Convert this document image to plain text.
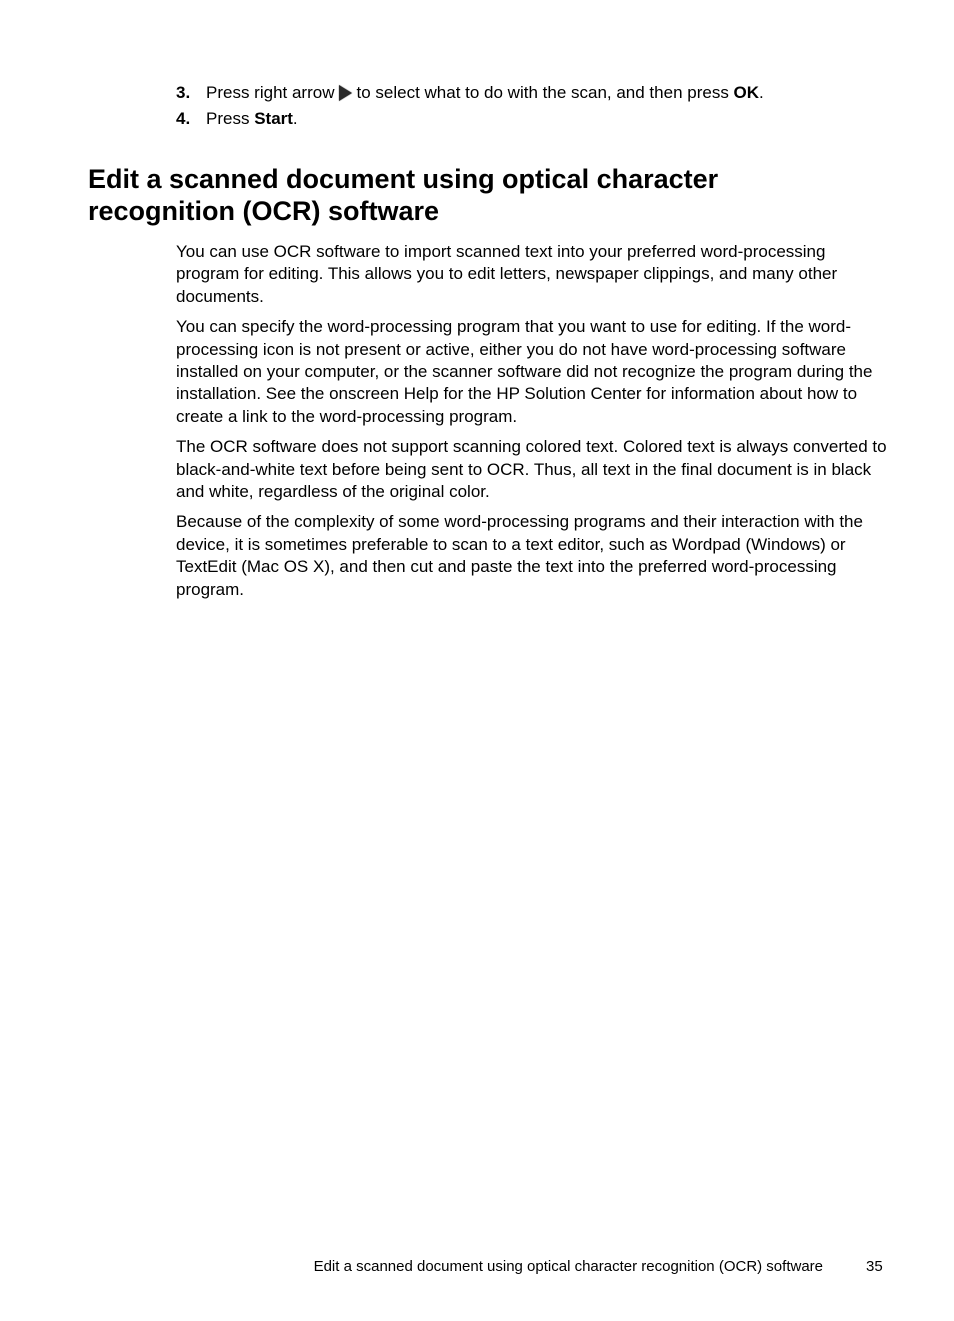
3. Press right arrow to select what to do with the scan, and then press OK.
4. Press Start.
Edit a scanned document using optical character recognition (OCR) software

You can use OCR software to import scanned text into your preferred word-processing program for editing. This allows you to edit letters, newspaper clippings, and many other documents.

You can specify the word-processing program that you want to use for editing. If the word-processing icon is not present or active, either you do not have word-processing software installed on your computer, or the scanner software did not recognize the program during the installation. See the onscreen Help for the HP Solution Center for information about how to create a link to the word-processing program.

The OCR software does not support scanning colored text. Colored text is always converted to black-and-white text before being sent to OCR. Thus, all text in the final document is in black and white, regardless of the original color.

Because of the complexity of some word-processing programs and their interaction with the device, it is sometimes preferable to scan to a text editor, such as Wordpad (Windows) or TextEdit (Mac OS X), and then cut and paste the text into the preferred word-processing program.

Edit a scanned document using optical character recognition (OCR) software	35
